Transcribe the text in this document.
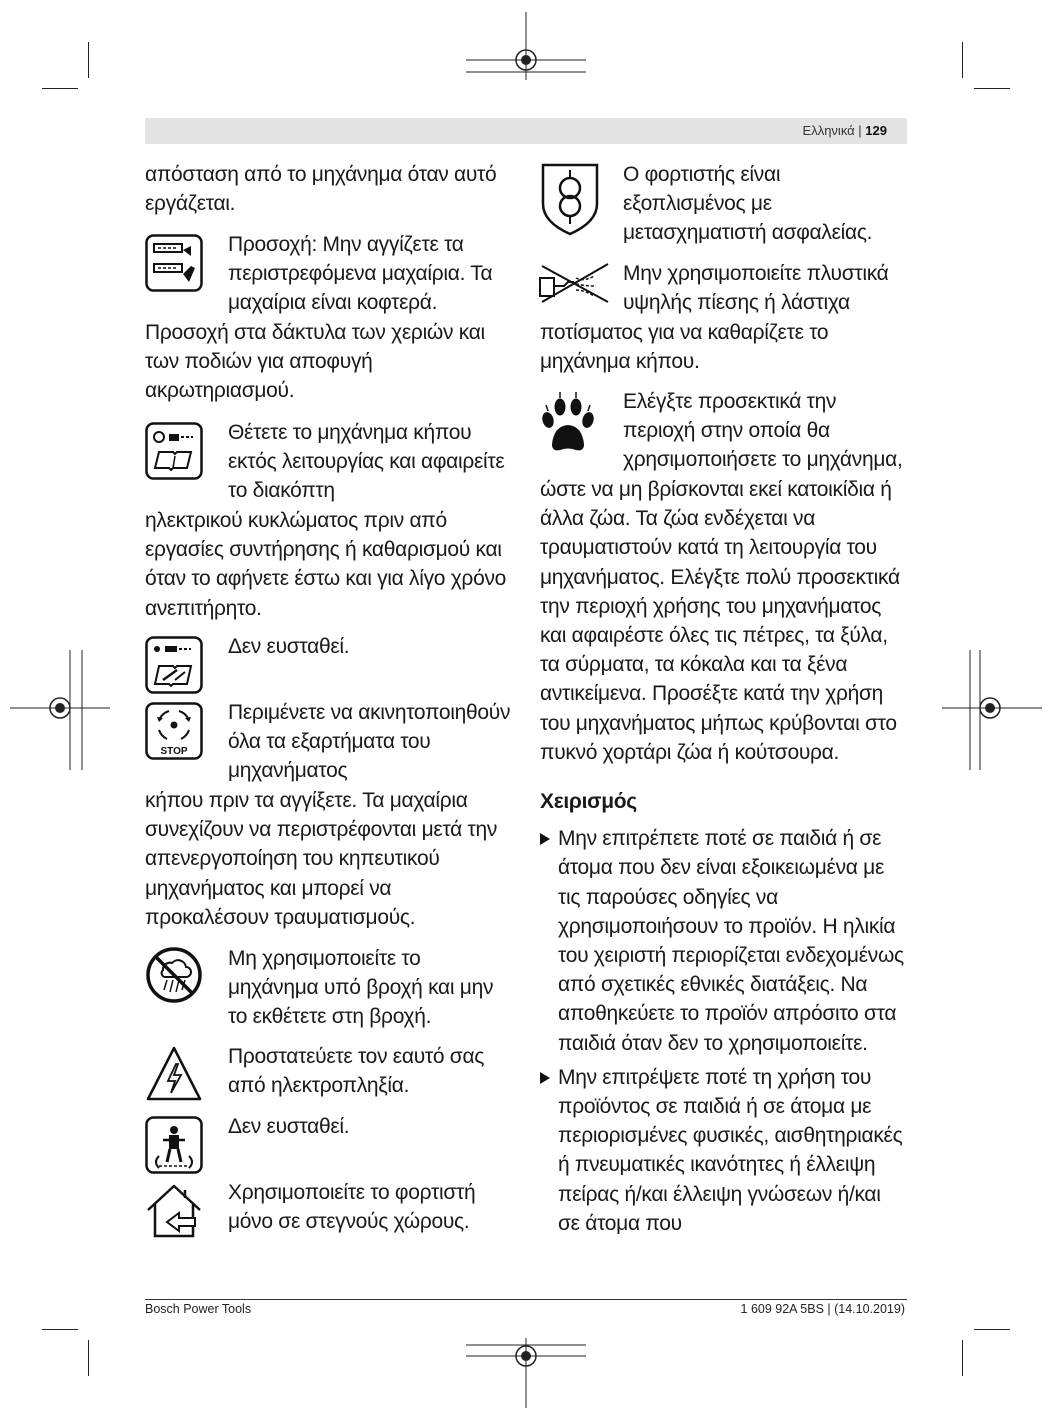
Ελληνικά | 129

απόσταση από το μηχάνημα όταν αυτό εργάζεται.

Προσοχή: Μην αγγίζετε τα περιστρεφόμενα μαχαίρια. Τα μαχαίρια είναι κοφτερά.

Προσοχή στα δάκτυλα των χεριών και των ποδιών για αποφυγή ακρωτηριασμού.

Θέτετε το μηχάνημα κήπου εκτός λειτουργίας και αφαιρείτε το διακόπτη

ηλεκτρικού κυκλώματος πριν από εργασίες συντήρησης ή καθαρισμού και όταν το αφήνετε έστω και για λίγο χρόνο ανεπιτήρητο.

Δεν ευσταθεί.

STOP

Περιμένετε να ακινητοποιηθούν όλα τα εξαρτήματα του μηχανήματος

κήπου πριν τα αγγίξετε. Τα μαχαίρια συνεχίζουν να περιστρέφονται μετά την απενεργοποίηση του κηπευτικού μηχανήματος και μπορεί να προκαλέσουν τραυματισμούς.

Μη χρησιμοποιείτε το μηχάνημα υπό βροχή και μην το εκθέτετε στη βροχή.

Προστατεύετε τον εαυτό σας από ηλεκτροπληξία.

Δεν ευσταθεί.

Χρησιμοποιείτε το φορτιστή μόνο σε στεγνούς χώρους.

Ο φορτιστής είναι εξοπλισμένος με μετασχηματιστή ασφαλείας.

Μην χρησιμοποιείτε πλυστικά υψηλής πίεσης ή λάστιχα

ποτίσματος για να καθαρίζετε το μηχάνημα κήπου.

Ελέγξτε προσεκτικά την περιοχή στην οποία θα χρησιμοποιήσετε το μηχάνημα,

ώστε να μη βρίσκονται εκεί κατοικίδια ή άλλα ζώα. Τα ζώα ενδέχεται να τραυματιστούν κατά τη λειτουργία του μηχανήματος. Ελέγξτε πολύ προσεκτικά την περιοχή χρήσης του μηχανήματος και αφαιρέστε όλες τις πέτρες, τα ξύλα, τα σύρματα, τα κόκαλα και τα ξένα αντικείμενα. Προσέξτε κατά την χρήση του μηχανήματος μήπως κρύβονται στο πυκνό χορτάρι ζώα ή κούτσουρα.

Χειρισμός
Μην επιτρέπετε ποτέ σε παιδιά ή σε άτομα που δεν είναι εξοικειωμένα με τις παρούσες οδηγίες να χρησιμοποιήσουν το προϊόν. Η ηλικία του χειριστή περιορίζεται ενδεχομένως από σχετικές εθνικές διατάξεις. Να αποθηκεύετε το προϊόν απρόσιτο στα παιδιά όταν δεν το χρησιμοποιείτε.
Μην επιτρέψετε ποτέ τη χρήση του προϊόντος σε παιδιά ή σε άτομα με περιορισμένες φυσικές, αισθητηριακές ή πνευματικές ικανότητες ή έλλειψη πείρας ή/και έλλειψη γνώσεων ή/και σε άτομα που
Bosch Power Tools	1 609 92A 5BS | (14.10.2019)
